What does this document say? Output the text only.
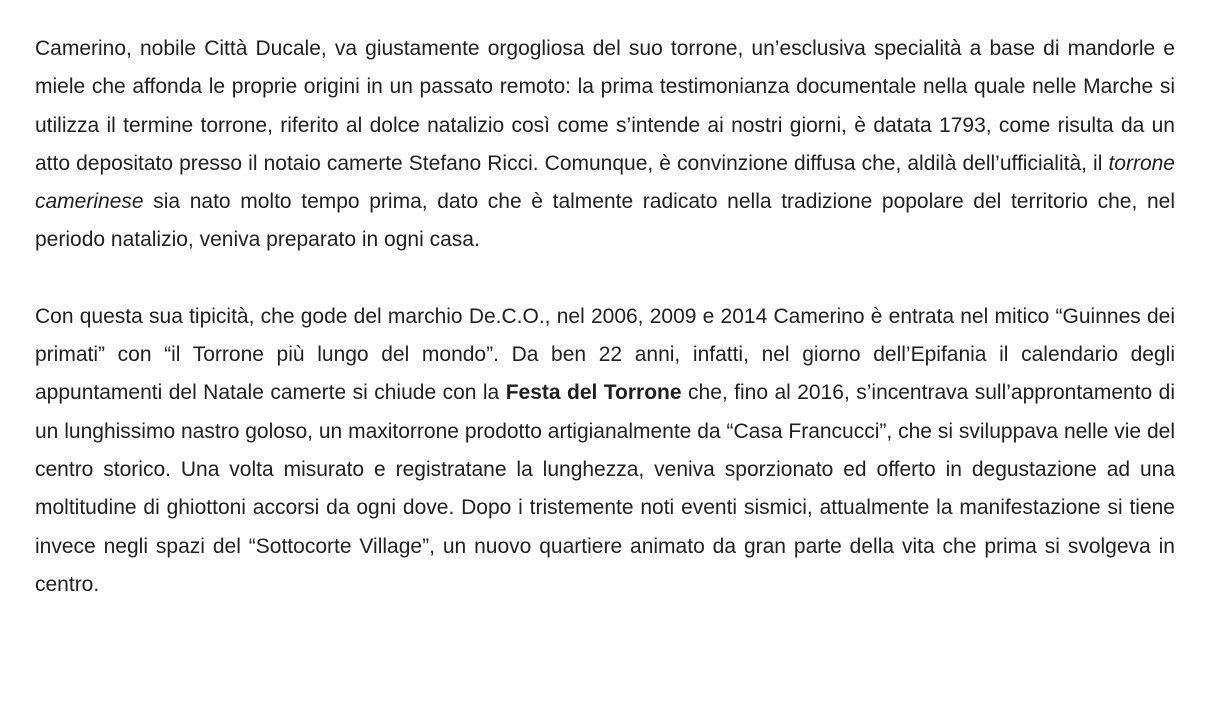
Camerino, nobile Città Ducale, va giustamente orgogliosa del suo torrone, un’esclusiva specialità a base di mandorle e miele che affonda le proprie origini in un passato remoto: la prima testimonianza documentale nella quale nelle Marche si utilizza il termine torrone, riferito al dolce natalizio così come s’intende ai nostri giorni, è datata 1793, come risulta da un atto depositato presso il notaio camerte Stefano Ricci. Comunque, è convinzione diffusa che, aldilà dell’ufficialità, il torrone camerinese sia nato molto tempo prima, dato che è talmente radicato nella tradizione popolare del territorio che, nel periodo natalizio, veniva preparato in ogni casa.

Con questa sua tipicità, che gode del marchio De.C.O., nel 2006, 2009 e 2014 Camerino è entrata nel mitico “Guinnes dei primati” con “il Torrone più lungo del mondo”. Da ben 22 anni, infatti, nel giorno dell’Epifania il calendario degli appuntamenti del Natale camerte si chiude con la Festa del Torrone che, fino al 2016, s’incentrava sull’approntamento di un lunghissimo nastro goloso, un maxitorrone prodotto artigianalmente da “Casa Francucci”, che si sviluppava nelle vie del centro storico. Una volta misurato e registratane la lunghezza, veniva sporzionato ed offerto in degustazione ad una moltitudine di ghiottoni accorsi da ogni dove. Dopo i tristemente noti eventi sismici, attualmente la manifestazione si tiene invece negli spazi del “Sottocorte Village”, un nuovo quartiere animato da gran parte della vita che prima si svolgeva in centro.
